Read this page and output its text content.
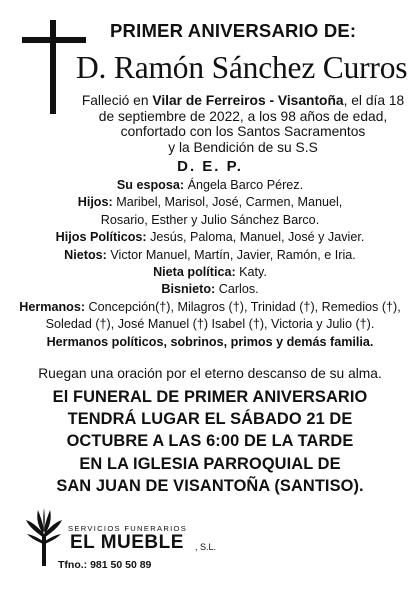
PRIMER ANIVERSARIO DE:
D. Ramón Sánchez Curros
Falleció en Vilar de Ferreiros - Visantoña, el día 18
de septiembre de 2022, a los 98 años de edad,
confortado con los Santos Sacramentos
y la Bendición de su S.S
D. E. P.

Su esposa: Ángela Barco Pérez.

Hijos: Maribel, Marisol, José, Carmen, Manuel,

Rosario, Esther y Julio Sánchez Barco.

Hijos Políticos: Jesús, Paloma, Manuel, José y Javier.

Nietos: Victor Manuel, Martín, Javier, Ramón, e Iria.

Nieta política: Katy.

Bisnieto: Carlos.

Hermanos: Concepción(†), Milagros (†), Trinidad (†), Remedios (†),

Soledad (†), José Manuel (†) Isabel (†), Victoria y Julio (†).

Hermanos políticos, sobrinos, primos y demás familia.

Ruegan una oración por el eterno descanso de su alma.

El FUNERAL DE PRIMER ANIVERSARIO

TENDRÁ LUGAR EL SÁBADO 21 DE

OCTUBRE A LAS 6:00 DE LA TARDE

EN LA IGLESIA PARROQUIAL DE

SAN JUAN DE VISANTOÑA (SANTISO).

SERVICIOS FUNERARIOS
EL MUEBLE , S.L.
Tfno.: 981 50 50 89
